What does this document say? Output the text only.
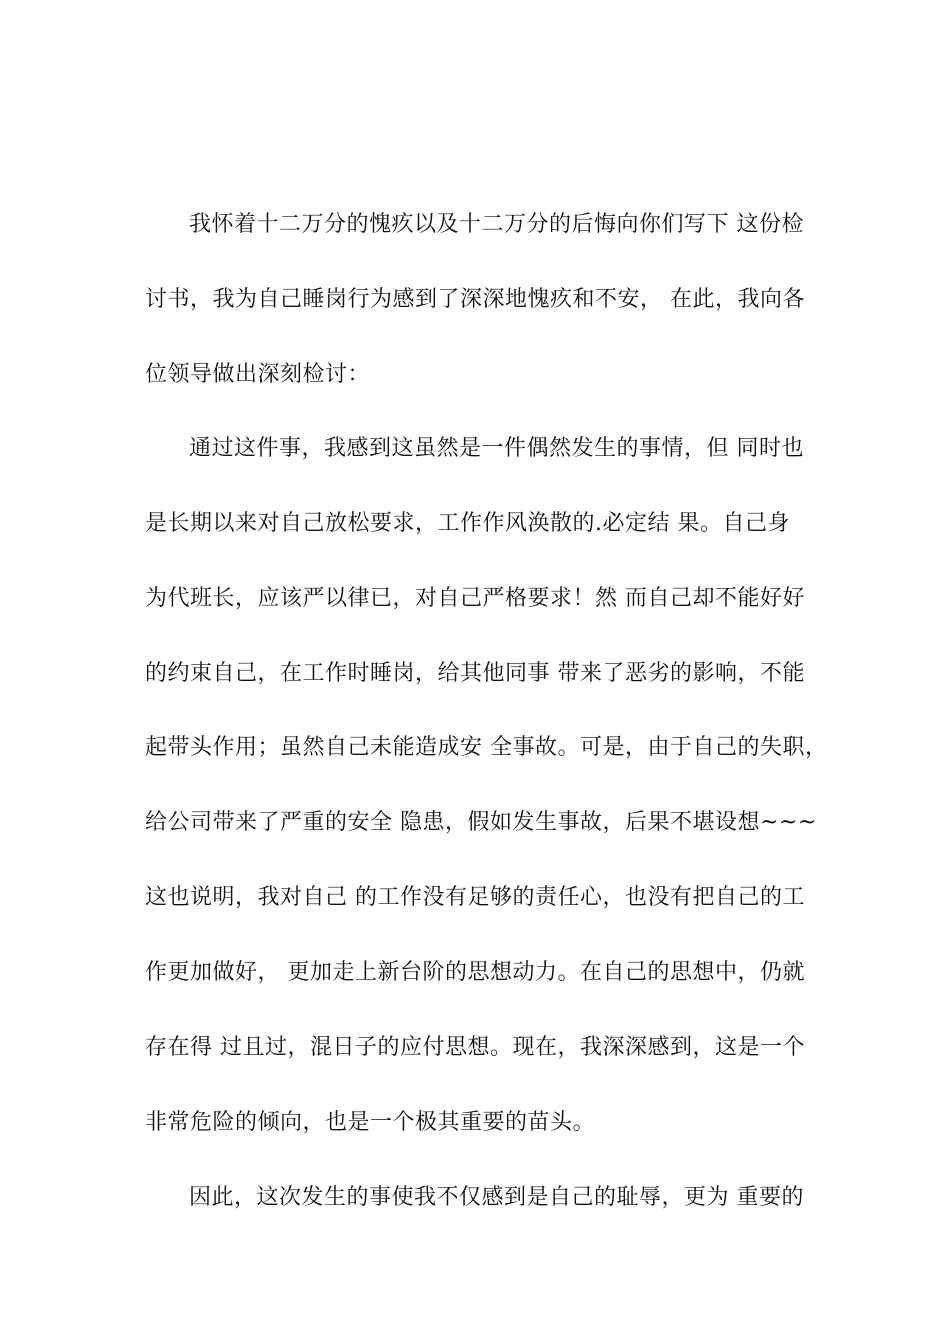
我怀着十二万分的愧疚以及十二万分的后悔向你们写下 这份检
讨书，我为自己睡岗行为感到了深深地愧疚和不安， 在此，我向各
位领导做出深刻检讨：
通过这件事，我感到这虽然是一件偶然发生的事情，但 同时也
是长期以来对自己放松要求，工作作风涣散的.必定结 果。自己身
为代班长，应该严以律已，对自己严格要求！然 而自己却不能好好
的约束自己，在工作时睡岗，给其他同事 带来了恶劣的影响，不能
起带头作用；虽然自己未能造成安 全事故。可是，由于自己的失职，
给公司带来了严重的安全 隐患，假如发生事故，后果不堪设想~~~
这也说明，我对自己 的工作没有足够的责任心，也没有把自己的工
作更加做好， 更加走上新台阶的思想动力。在自己的思想中，仍就
存在得 过且过，混日子的应付思想。现在，我深深感到，这是一个
非常危险的倾向，也是一个极其重要的苗头。
因此，这次发生的事使我不仅感到是自己的耻辱，更为 重要的
